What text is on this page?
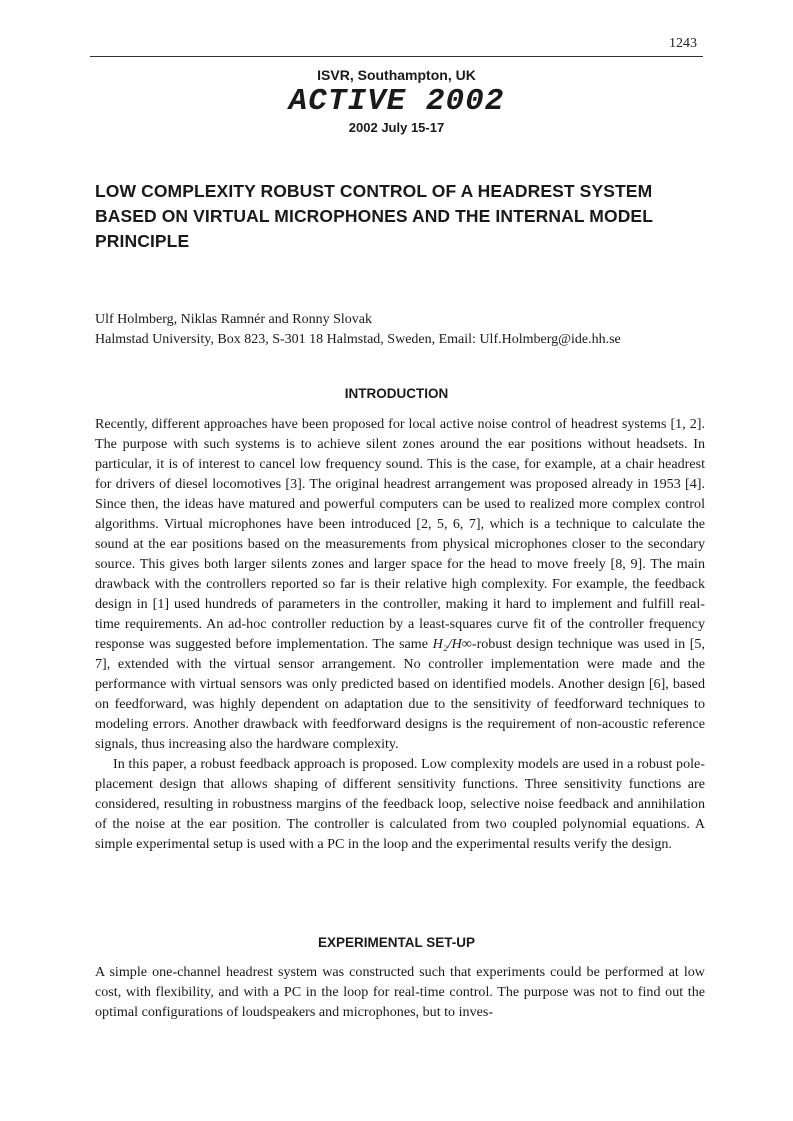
1243
ISVR, Southampton, UK
ACTIVE 2002
2002 July 15-17
LOW COMPLEXITY ROBUST CONTROL OF A HEADREST SYSTEM BASED ON VIRTUAL MICROPHONES AND THE INTERNAL MODEL PRINCIPLE
Ulf Holmberg, Niklas Ramnér and Ronny Slovak
Halmstad University, Box 823, S-301 18 Halmstad, Sweden, Email: Ulf.Holmberg@ide.hh.se
INTRODUCTION

Recently, different approaches have been proposed for local active noise control of headrest systems [1, 2]. The purpose with such systems is to achieve silent zones around the ear positions without headsets. In particular, it is of interest to cancel low frequency sound. This is the case, for example, at a chair headrest for drivers of diesel locomotives [3]. The original headrest arrangement was proposed already in 1953 [4]. Since then, the ideas have matured and powerful computers can be used to realized more complex control algorithms. Virtual microphones have been introduced [2, 5, 6, 7], which is a technique to calculate the sound at the ear positions based on the measurements from physical microphones closer to the secondary source. This gives both larger silents zones and larger space for the head to move freely [8, 9]. The main drawback with the controllers reported so far is their relative high complexity. For example, the feedback design in [1] used hundreds of parameters in the controller, making it hard to implement and fulfill real-time requirements. An ad-hoc controller reduction by a least-squares curve fit of the controller frequency response was suggested before implementation. The same H₂/H∞-robust design technique was used in [5, 7], extended with the virtual sensor arrangement. No controller implementation were made and the performance with virtual sensors was only predicted based on identified models. Another design [6], based on feedforward, was highly dependent on adaptation due to the sensitivity of feedforward techniques to modeling errors. Another drawback with feedforward designs is the requirement of non-acoustic reference signals, thus increasing also the hardware complexity.

In this paper, a robust feedback approach is proposed. Low complexity models are used in a robust pole-placement design that allows shaping of different sensitivity functions. Three sensitivity functions are considered, resulting in robustness margins of the feedback loop, selective noise feedback and annihilation of the noise at the ear position. The controller is calculated from two coupled polynomial equations. A simple experimental setup is used with a PC in the loop and the experimental results verify the design.

EXPERIMENTAL SET-UP

A simple one-channel headrest system was constructed such that experiments could be performed at low cost, with flexibility, and with a PC in the loop for real-time control. The purpose was not to find out the optimal configurations of loudspeakers and microphones, but to inves-
